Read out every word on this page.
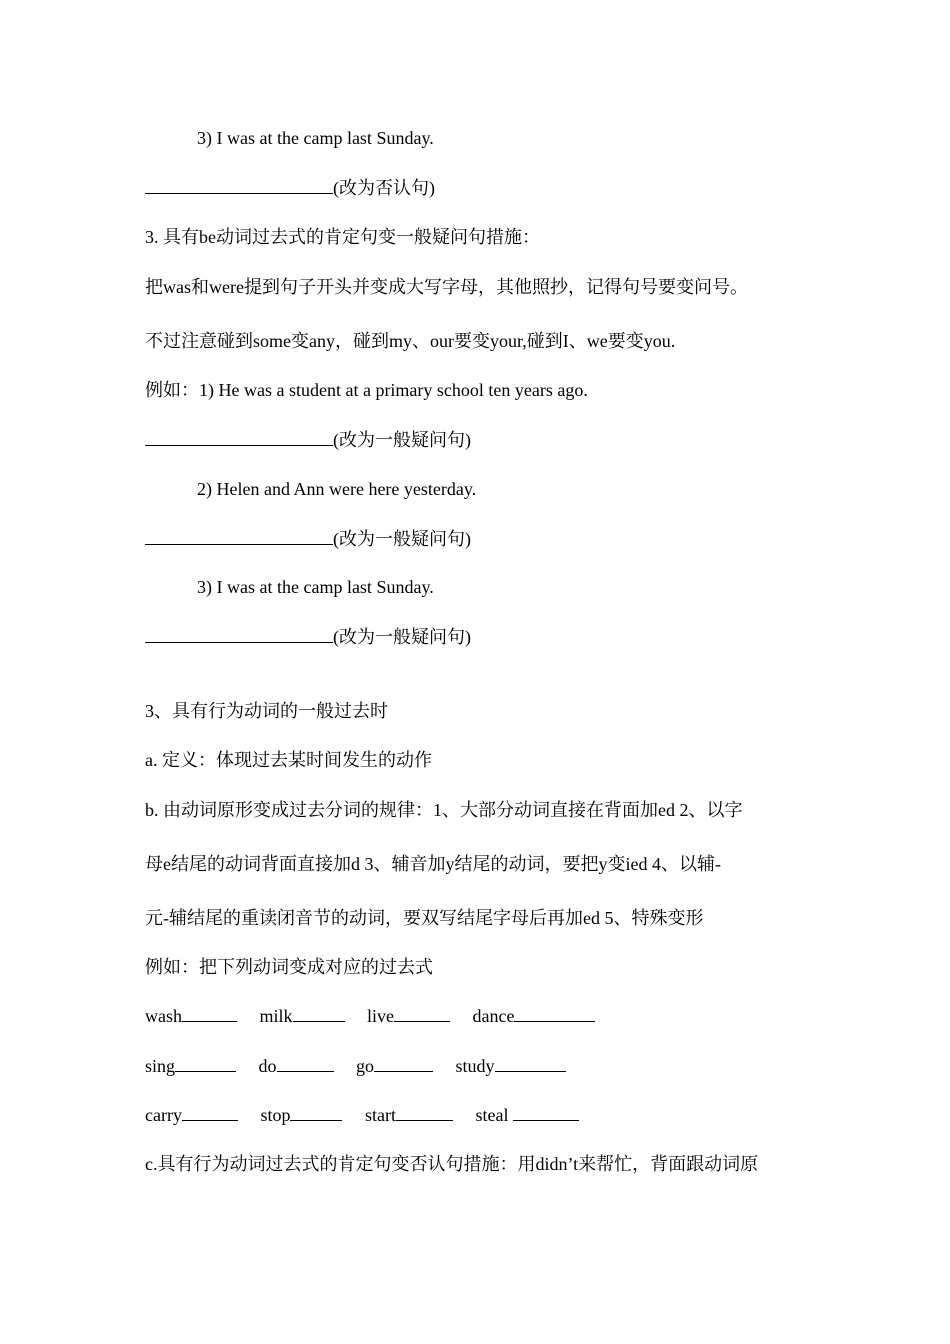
3) I was at the camp last Sunday.
(改为否认句)
3. 具有be动词过去式的肯定句变一般疑问句措施：
把was和were提到句子开头并变成大写字母，其他照抄，记得句号要变问号。
不过注意碰到some变any，碰到my、our要变your,碰到I、we要变you.
例如：1) He was a student at a primary school ten years ago.
(改为一般疑问句)
2) Helen and Ann were here yesterday.
(改为一般疑问句)
3) I was at the camp last Sunday.
(改为一般疑问句)
3、具有行为动词的一般过去时
a. 定义：体现过去某时间发生的动作
b. 由动词原形变成过去分词的规律：1、大部分动词直接在背面加ed 2、以字
母e结尾的动词背面直接加d 3、辅音加y结尾的动词，要把y变ied 4、以辅-
元-辅结尾的重读闭音节的动词，要双写结尾字母后再加ed 5、特殊变形
例如：把下列动词变成对应的过去式
wash	milk	live	dance
sing	do	go	study
carry	stop	start	steal
c.具有行为动词过去式的肯定句变否认句措施：用didn’t来帮忙，背面跟动词原
